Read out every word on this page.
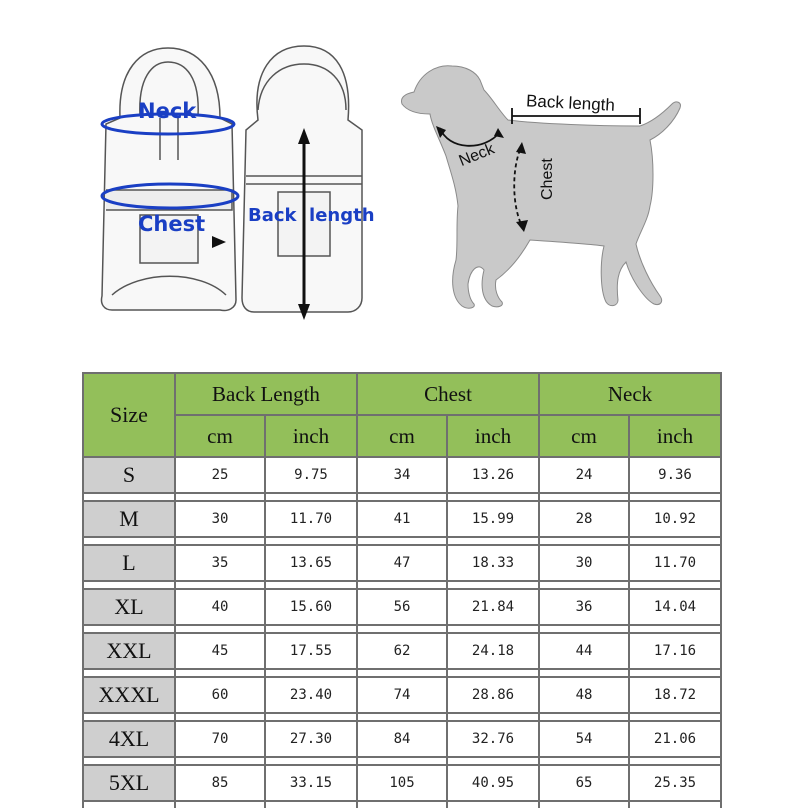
Neck
Chest Back  length
Back length
Neck
Chest
Size	Back Length		Chest		Neck	
	cm	inch	cm	inch	cm	inch
S	25	9.75	34	13.26	24	9.36

M	30	11.70	41	15.99	28	10.92

L	35	13.65	47	18.33	30	11.70

XL	40	15.60	56	21.84	36	14.04

XXL	45	17.55	62	24.18	44	17.16

XXXL	60	23.40	74	28.86	48	18.72

4XL	70	27.30	84	32.76	54	21.06

5XL	85	33.15	105	40.95	65	25.35
